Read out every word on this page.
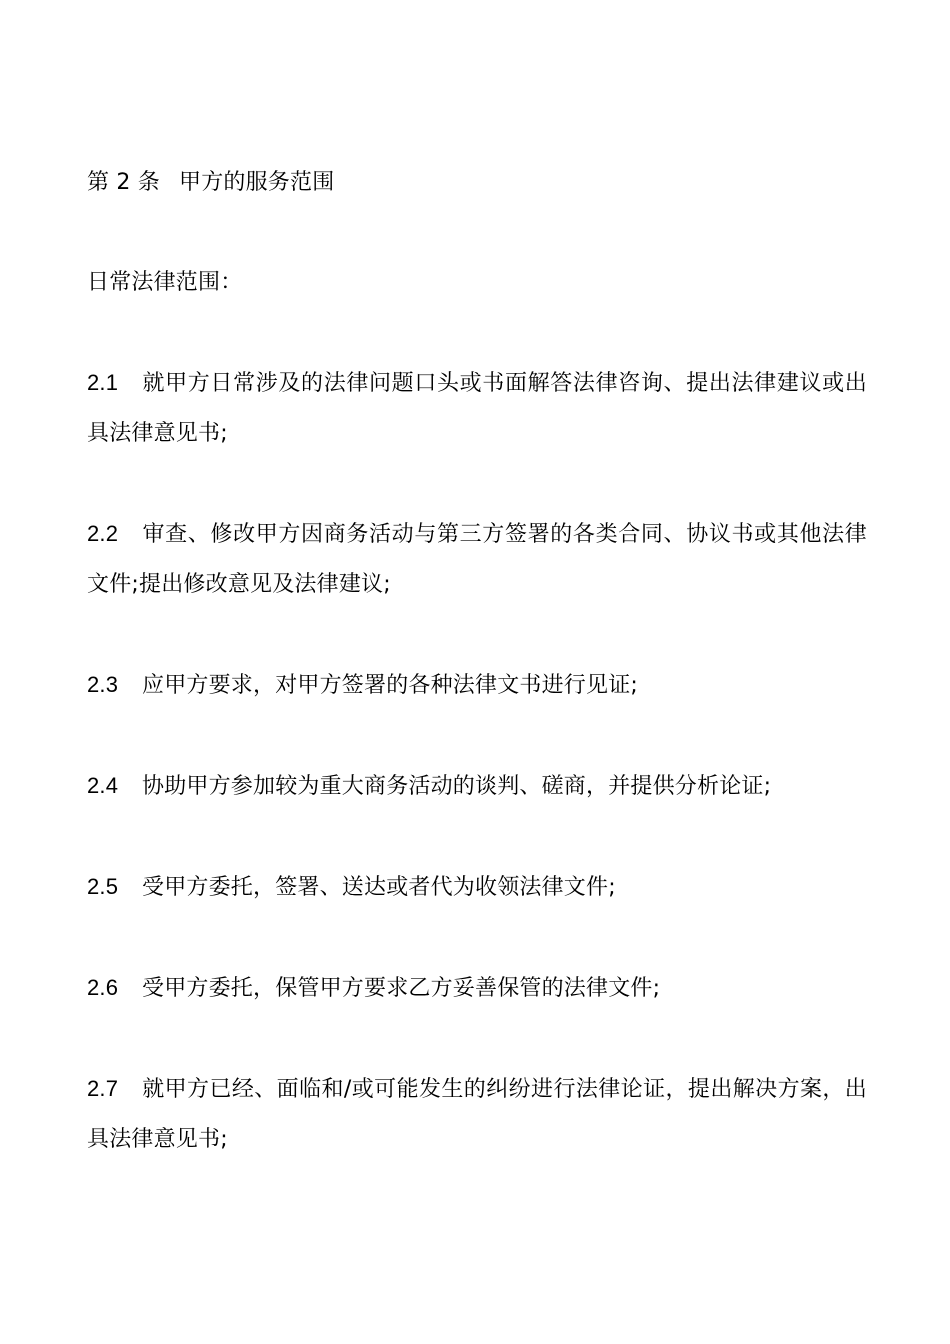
第 2 条 甲方的服务范围

日常法律范围：

2.1 就甲方日常涉及的法律问题口头或书面解答法律咨询、提出法律建议或出具法律意见书;

2.2 审查、修改甲方因商务活动与第三方签署的各类合同、协议书或其他法律文件;提出修改意见及法律建议;

2.3 应甲方要求，对甲方签署的各种法律文书进行见证;

2.4 协助甲方参加较为重大商务活动的谈判、磋商，并提供分析论证;

2.5 受甲方委托，签署、送达或者代为收领法律文件;

2.6 受甲方委托，保管甲方要求乙方妥善保管的法律文件;

2.7 就甲方已经、面临和/或可能发生的纠纷进行法律论证，提出解决方案，出具法律意见书;
